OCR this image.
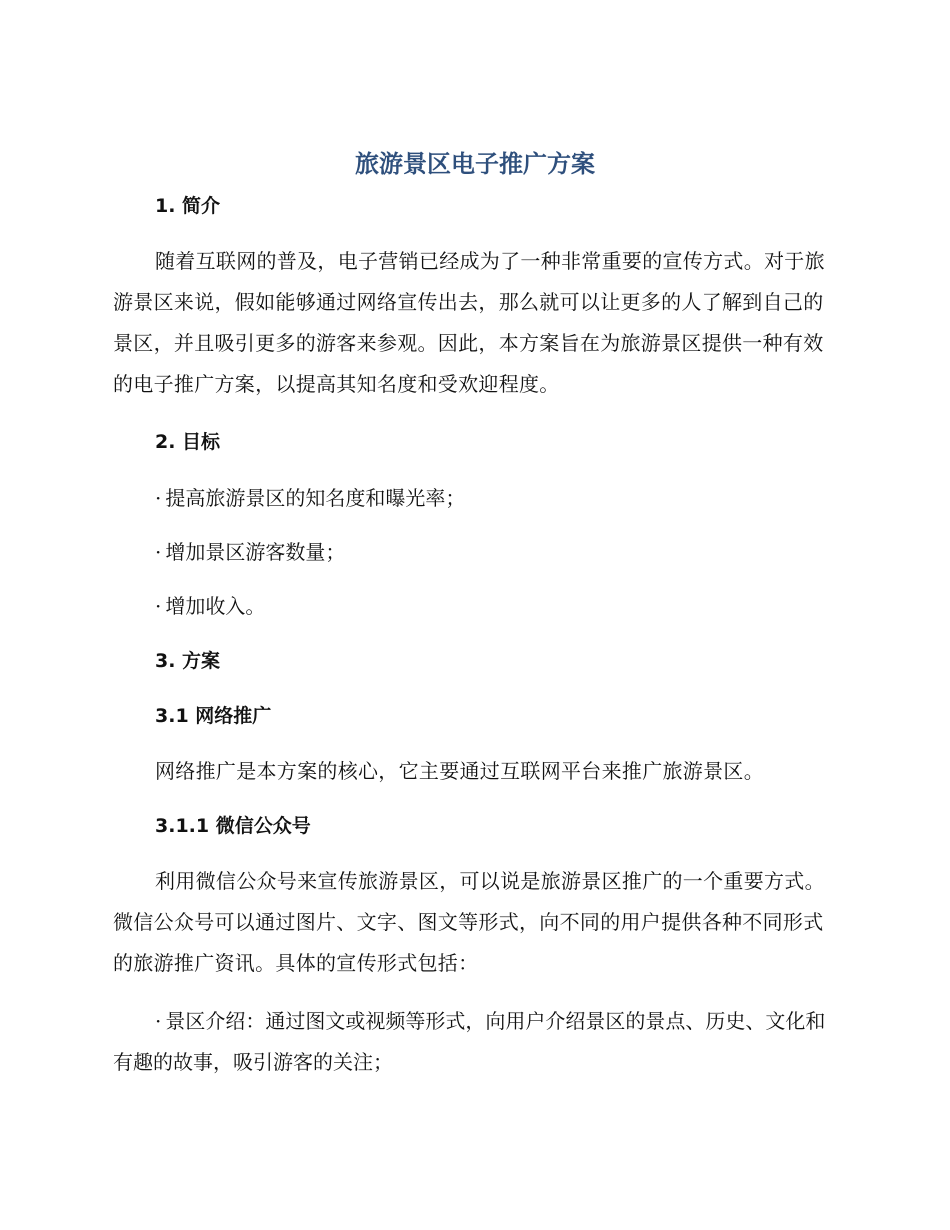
旅游景区电子推广方案
1. 简介
随着互联网的普及，电子营销已经成为了一种非常重要的宣传方式。对于旅游景区来说，假如能够通过网络宣传出去，那么就可以让更多的人了解到自己的景区，并且吸引更多的游客来参观。因此，本方案旨在为旅游景区提供一种有效的电子推广方案，以提高其知名度和受欢迎程度。
2. 目标
· 提高旅游景区的知名度和曝光率；
· 增加景区游客数量；
· 增加收入。
3. 方案
3.1 网络推广
网络推广是本方案的核心，它主要通过互联网平台来推广旅游景区。
3.1.1 微信公众号
利用微信公众号来宣传旅游景区，可以说是旅游景区推广的一个重要方式。微信公众号可以通过图片、文字、图文等形式，向不同的用户提供各种不同形式的旅游推广资讯。具体的宣传形式包括：
· 景区介绍：通过图文或视频等形式，向用户介绍景区的景点、历史、文化和有趣的故事，吸引游客的关注；
